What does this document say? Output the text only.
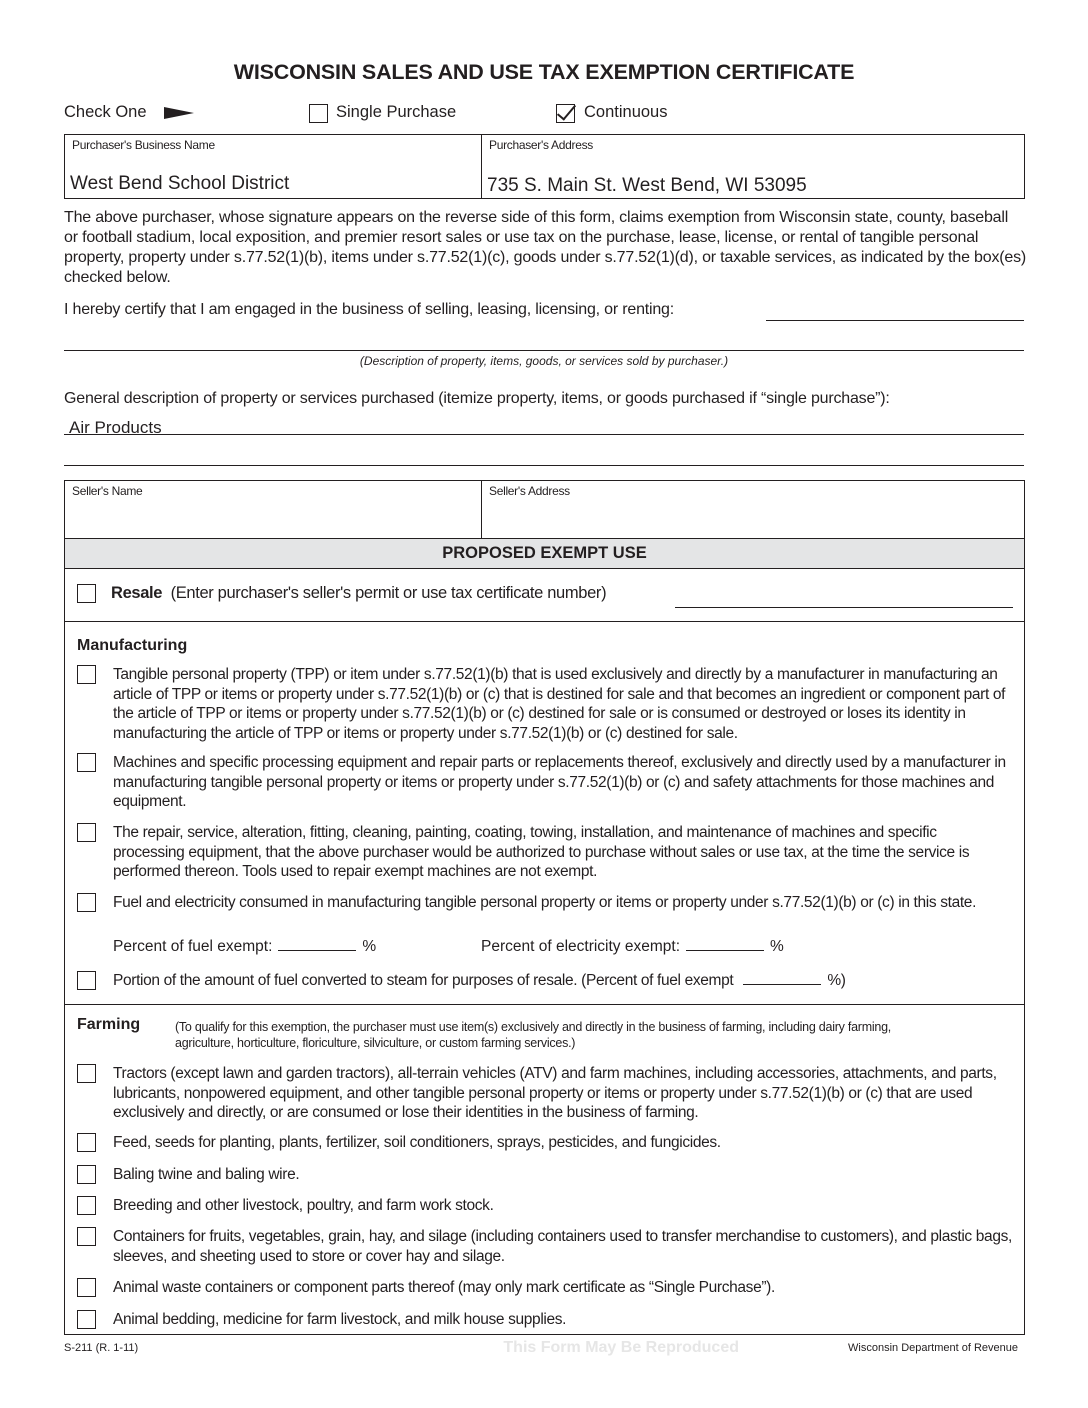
WISCONSIN SALES AND USE TAX EXEMPTION CERTIFICATE
Check One	Single Purchase	Continuous
Purchaser's Business Name
West Bend School District
Purchaser's Address
735 S. Main St. West Bend, WI 53095
The above purchaser, whose signature appears on the reverse side of this form, claims exemption from Wisconsin state, county, baseball or football stadium, local exposition, and premier resort sales or use tax on the purchase, lease, license, or rental of tangible personal property, property under s.77.52(1)(b), items under s.77.52(1)(c), goods under s.77.52(1)(d), or taxable services, as indicated by the box(es) checked below.
I hereby certify that I am engaged in the business of selling, leasing, licensing, or renting:
(Description of property, items, goods, or services sold by purchaser.)
General description of property or services purchased (itemize property, items, or goods purchased if “single purchase”):
Air Products
Seller's Name	Seller's Address
PROPOSED EXEMPT USE
Resale (Enter purchaser's seller's permit or use tax certificate number)
Manufacturing
Tangible personal property (TPP) or item under s.77.52(1)(b) that is used exclusively and directly by a manufacturer in manufacturing an article of TPP or items or property under s.77.52(1)(b) or (c) that is destined for sale and that becomes an ingredient or component part of the article of TPP or items or property under s.77.52(1)(b) or (c) destined for sale or is consumed or destroyed or loses its identity in manufacturing the article of TPP or items or property under s.77.52(1)(b) or (c) destined for sale.
Machines and specific processing equipment and repair parts or replacements thereof, exclusively and directly used by a manufacturer in manufacturing tangible personal property or items or property under s.77.52(1)(b) or (c) and safety attachments for those machines and equipment.
The repair, service, alteration, fitting, cleaning, painting, coating, towing, installation, and maintenance of machines and specific processing equipment, that the above purchaser would be authorized to purchase without sales or use tax, at the time the service is performed thereon. Tools used to repair exempt machines are not exempt.
Fuel and electricity consumed in manufacturing tangible personal property or items or property under s.77.52(1)(b) or (c) in this state.
Percent of fuel exempt:	%	Percent of electricity exempt:	%
Portion of the amount of fuel converted to steam for purposes of resale. (Percent of fuel exempt	%)
Farming	(To qualify for this exemption, the purchaser must use item(s) exclusively and directly in the business of farming, including dairy farming, agriculture, horticulture, floriculture, silviculture, or custom farming services.)
Tractors (except lawn and garden tractors), all-terrain vehicles (ATV) and farm machines, including accessories, attachments, and parts, lubricants, nonpowered equipment, and other tangible personal property or items or property under s.77.52(1)(b) or (c) that are used exclusively and directly, or are consumed or lose their identities in the business of farming.
Feed, seeds for planting, plants, fertilizer, soil conditioners, sprays, pesticides, and fungicides.
Baling twine and baling wire.
Breeding and other livestock, poultry, and farm work stock.
Containers for fruits, vegetables, grain, hay, and silage (including containers used to transfer merchandise to customers), and plastic bags, sleeves, and sheeting used to store or cover hay and silage.
Animal waste containers or component parts thereof (may only mark certificate as “Single Purchase”).
Animal bedding, medicine for farm livestock, and milk house supplies.
S-211 (R. 1-11)	This Form May Be Reproduced	Wisconsin Department of Revenue
